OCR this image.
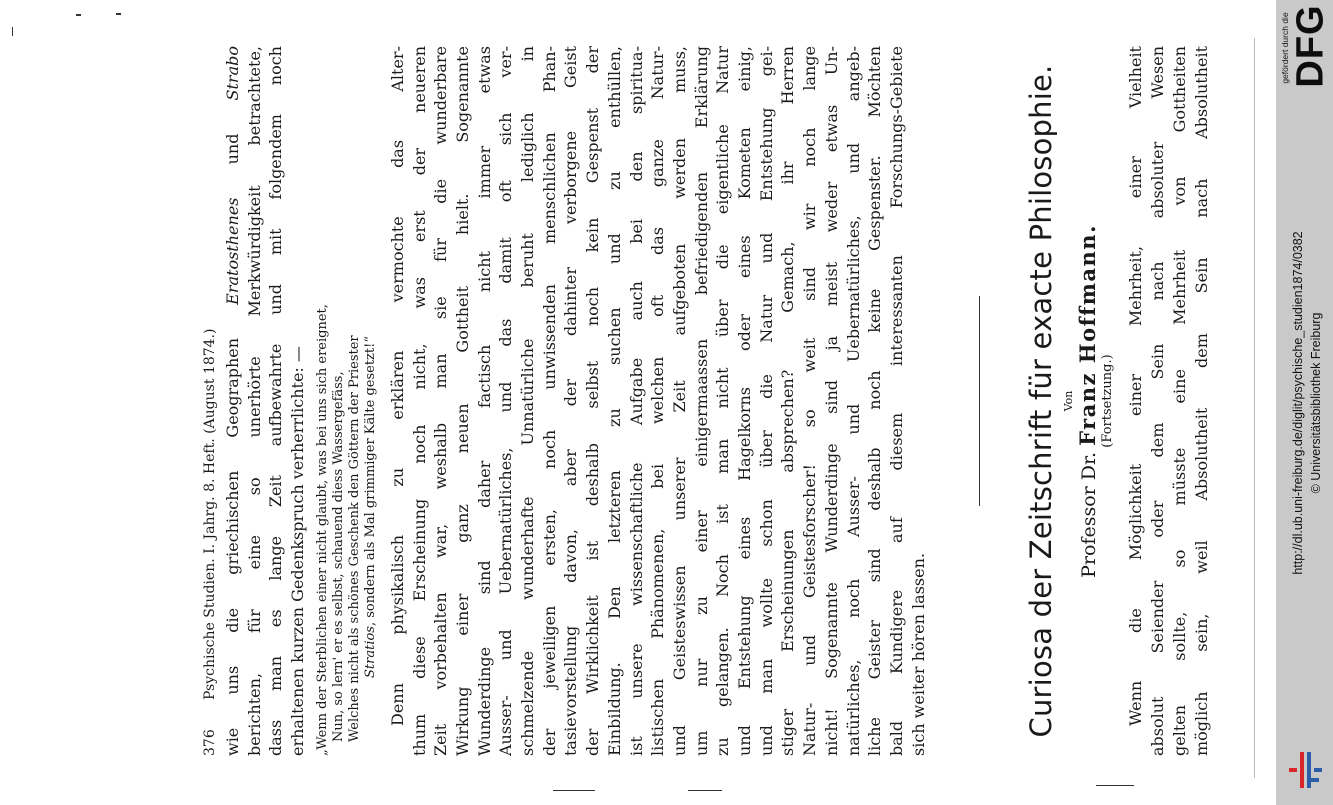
376
Psychische Studien. I. Jahrg. 8. Heft. (August 1874.) wie uns die griechischen Geographen Eratosthenes und Strabo berichten, für eine so unerhörte Merkwürdigkeit betrachtete, dass man es lange Zeit aufbewahrte und mit folgendem noch erhaltenen kurzen Gedenkspruch verherrlichte: — „Wenn der Sterblichen einer nicht glaubt, was bei uns sich ereignet, Nun, so lern' er es selbst, schauend diess Wassergefäss, Welches nicht als schönes Geschenk den Göttern der Priester Stratios, sondern als Mal grimmiger Kälte gesetzt!“ Denn physikalisch zu erklären vermochte das Alter- thum diese Erscheinung noch nicht, was erst der neueren Zeit vorbehalten war, weshalb man sie für die wunderbare Wirkung einer ganz neuen Gottheit hielt. Sogenannte Wunderdinge sind daher factisch nicht immer etwas Ausser- und Uebernatürliches, und das damit oft sich ver- schmelzende wunderhafte Unnatürliche beruht lediglich in der jeweiligen ersten, noch unwissenden menschlichen Phan- tasievorstellung davon, aber der dahinter verborgene Geist der Wirklichkeit ist deshalb selbst noch kein Gespenst der Einbildung. Den letzteren zu suchen und zu enthüllen, ist unsere wissenschaftliche Aufgabe auch bei den spiritua- listischen Phänomenen, bei welchen oft das ganze Natur- und Geisteswissen unserer Zeit aufgeboten werden muss, um nur zu einer einigermaassen befriedigenden Erklärung zu gelangen. Noch ist man nicht über die eigentliche Natur und Entstehung eines Hagelkorns oder eines Kometen einig, und man wollte schon über die Natur und Entstehung gei- stiger Erscheinungen absprechen? Gemach, ihr Herren Natur- und Geistesforscher! so weit sind wir noch lange nicht! Sogenannte Wunderdinge sind ja meist weder etwas Un- natürliches, noch Ausser- und Uebernatürliches, und angeb- liche Geister sind deshalb noch keine Gespenster. Möchten bald Kundigere auf diesem interessanten Forschungs-Gebiete sich weiter hören lassen.	Curiosa der Zeitschrift für exacte Philosophie. Von

Professor Dr. Franz Hoffmann. (Fortsetzung.) Wenn die Möglichkeit einer Mehrheit, einer Vielheit absolut Seiender oder dem Sein nach absoluter Wesen gelten sollte, so müsste eine Mehrheit von Gottheiten möglich sein, weil Absolutheit dem Sein nach Absolutheit	gefördert durch die DFG
http://dl.ub.uni-freiburg.de/diglit/psychische_studien1874/0382 © Universitätsbibliothek Freiburg
